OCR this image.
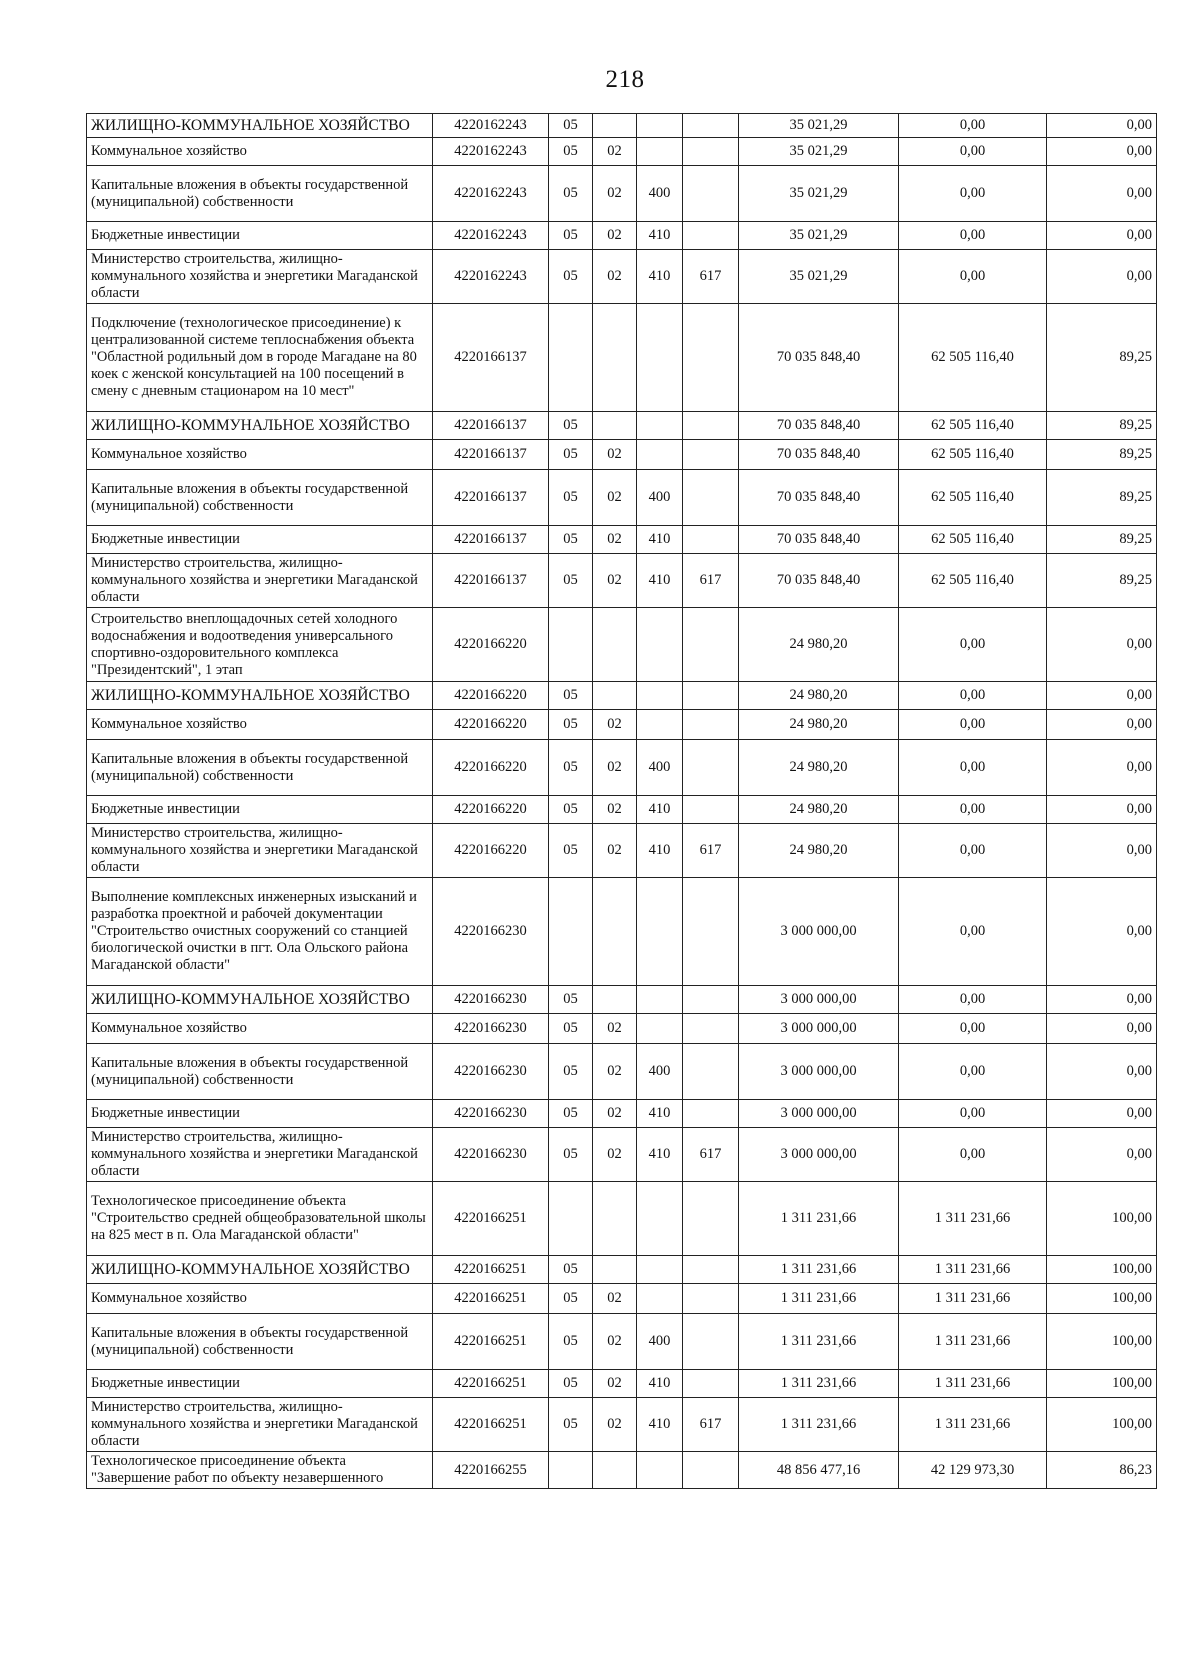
218
ЖИЛИЩНО-КОММУНАЛЬНОЕ ХОЗЯЙСТВО	4220162243	05				35 021,29	0,00	0,00
Коммунальное хозяйство	4220162243	05	02			35 021,29	0,00	0,00
Капитальные вложения в объекты государственной (муниципальной) собственности	4220162243	05	02	400		35 021,29	0,00	0,00
Бюджетные инвестиции	4220162243	05	02	410		35 021,29	0,00	0,00
Министерство строительства, жилищно-коммунального хозяйства и энергетики Магаданской области	4220162243	05	02	410	617	35 021,29	0,00	0,00
Подключение (технологическое присоединение) к централизованной системе теплоснабжения объекта "Областной родильный дом в городе Магадане на 80 коек с женской консультацией на 100 посещений в смену с дневным стационаром на 10 мест"	4220166137					70 035 848,40	62 505 116,40	89,25
ЖИЛИЩНО-КОММУНАЛЬНОЕ ХОЗЯЙСТВО	4220166137	05				70 035 848,40	62 505 116,40	89,25
Коммунальное хозяйство	4220166137	05	02			70 035 848,40	62 505 116,40	89,25
Капитальные вложения в объекты государственной (муниципальной) собственности	4220166137	05	02	400		70 035 848,40	62 505 116,40	89,25
Бюджетные инвестиции	4220166137	05	02	410		70 035 848,40	62 505 116,40	89,25
Министерство строительства, жилищно-коммунального хозяйства и энергетики Магаданской области	4220166137	05	02	410	617	70 035 848,40	62 505 116,40	89,25
Строительство внеплощадочных сетей холодного водоснабжения и водоотведения универсального спортивно-оздоровительного комплекса "Президентский", 1 этап	4220166220					24 980,20	0,00	0,00
ЖИЛИЩНО-КОММУНАЛЬНОЕ ХОЗЯЙСТВО	4220166220	05				24 980,20	0,00	0,00
Коммунальное хозяйство	4220166220	05	02			24 980,20	0,00	0,00
Капитальные вложения в объекты государственной (муниципальной) собственности	4220166220	05	02	400		24 980,20	0,00	0,00
Бюджетные инвестиции	4220166220	05	02	410		24 980,20	0,00	0,00
Министерство строительства, жилищно-коммунального хозяйства и энергетики Магаданской области	4220166220	05	02	410	617	24 980,20	0,00	0,00
Выполнение комплексных инженерных изысканий и разработка проектной и рабочей документации "Строительство очистных сооружений со станцией биологической очистки в пгт. Ола Ольского района Магаданской области"	4220166230					3 000 000,00	0,00	0,00
ЖИЛИЩНО-КОММУНАЛЬНОЕ ХОЗЯЙСТВО	4220166230	05				3 000 000,00	0,00	0,00
Коммунальное хозяйство	4220166230	05	02			3 000 000,00	0,00	0,00
Капитальные вложения в объекты государственной (муниципальной) собственности	4220166230	05	02	400		3 000 000,00	0,00	0,00
Бюджетные инвестиции	4220166230	05	02	410		3 000 000,00	0,00	0,00
Министерство строительства, жилищно-коммунального хозяйства и энергетики Магаданской области	4220166230	05	02	410	617	3 000 000,00	0,00	0,00
Технологическое присоединение объекта "Строительство средней общеобразовательной школы на 825 мест в п. Ола Магаданской области"	4220166251					1 311 231,66	1 311 231,66	100,00
ЖИЛИЩНО-КОММУНАЛЬНОЕ ХОЗЯЙСТВО	4220166251	05				1 311 231,66	1 311 231,66	100,00
Коммунальное хозяйство	4220166251	05	02			1 311 231,66	1 311 231,66	100,00
Капитальные вложения в объекты государственной (муниципальной) собственности	4220166251	05	02	400		1 311 231,66	1 311 231,66	100,00
Бюджетные инвестиции	4220166251	05	02	410		1 311 231,66	1 311 231,66	100,00
Министерство строительства, жилищно-коммунального хозяйства и энергетики Магаданской области	4220166251	05	02	410	617	1 311 231,66	1 311 231,66	100,00
Технологическое присоединение объекта "Завершение работ по объекту незавершенного	4220166255					48 856 477,16	42 129 973,30	86,23
